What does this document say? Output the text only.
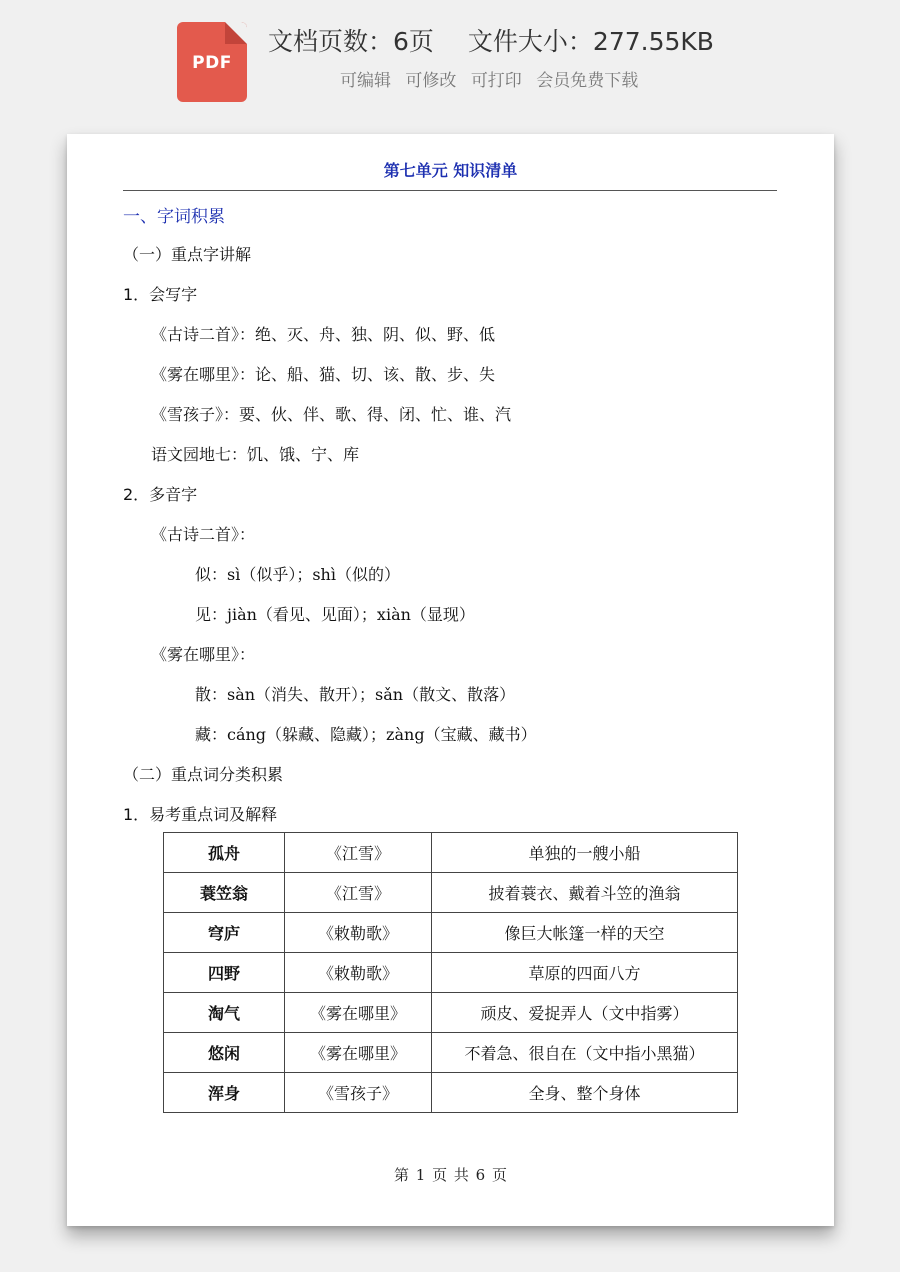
PDF
文档页数：6页 文件大小：277.55KB
可编辑 可修改 可打印 会员免费下载
第七单元 知识清单
一、字词积累
（一）重点字讲解
1．会写字
《古诗二首》：绝、灭、舟、独、阴、似、野、低
《雾在哪里》：论、船、猫、切、该、散、步、失
《雪孩子》：要、伙、伴、歌、得、闭、忙、谁、汽
语文园地七：饥、饿、宁、库
2．多音字
《古诗二首》：
似：sì（似乎）；shì（似的）
见：jiàn（看见、见面）；xiàn（显现）
《雾在哪里》：
散：sàn（消失、散开）；sǎn（散文、散落）
藏：cáng（躲藏、隐藏）；zàng（宝藏、藏书）
（二）重点词分类积累
1．易考重点词及解释
孤舟	《江雪》	单独的一艘小船
蓑笠翁	《江雪》	披着蓑衣、戴着斗笠的渔翁
穹庐	《敕勒歌》	像巨大帐篷一样的天空
四野	《敕勒歌》	草原的四面八方
淘气	《雾在哪里》	顽皮、爱捉弄人（文中指雾）
悠闲	《雾在哪里》	不着急、很自在（文中指小黑猫）
浑身	《雪孩子》	全身、整个身体
第 1 页 共 6 页
